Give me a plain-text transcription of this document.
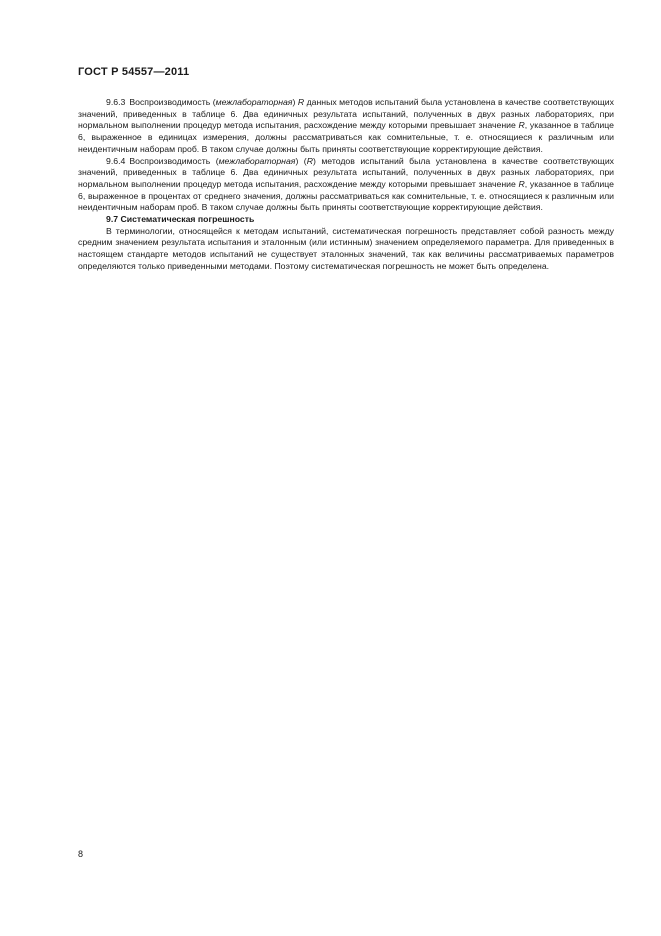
ГОСТ Р 54557—2011

9.6.3 Воспроизводимость (межлабораторная) R данных методов испытаний была установлена в качестве соответствующих значений, приведенных в таблице 6. Два единичных результата испытаний, полученных в двух разных лабораториях, при нормальном выполнении процедур метода испытания, расхождение между которыми превышает значение R, указанное в таблице 6, выраженное в единицах измерения, должны рассматриваться как сомнительные, т. е. относящиеся к различным или неидентичным наборам проб. В таком случае должны быть приняты соответствующие корректирующие действия.

9.6.4 Воспроизводимость (межлабораторная) (R) методов испытаний была установлена в качестве соответствующих значений, приведенных в таблице 6. Два единичных результата испытаний, полученных в двух разных лабораториях, при нормальном выполнении процедур метода испытания, расхождение между которыми превышает значение R, указанное в таблице 6, выраженное в процентах от среднего значения, должны рассматриваться как сомнительные, т. е. относящиеся к различным или неидентичным наборам проб. В таком случае должны быть приняты соответствующие корректирующие действия.

9.7 Систематическая погрешность

В терминологии, относящейся к методам испытаний, систематическая погрешность представляет собой разность между средним значением результата испытания и эталонным (или истинным) значением определяемого параметра. Для приведенных в настоящем стандарте методов испытаний не существует эталонных значений, так как величины рассматриваемых параметров определяются только приведенными методами. Поэтому систематическая погрешность не может быть определена.

8
